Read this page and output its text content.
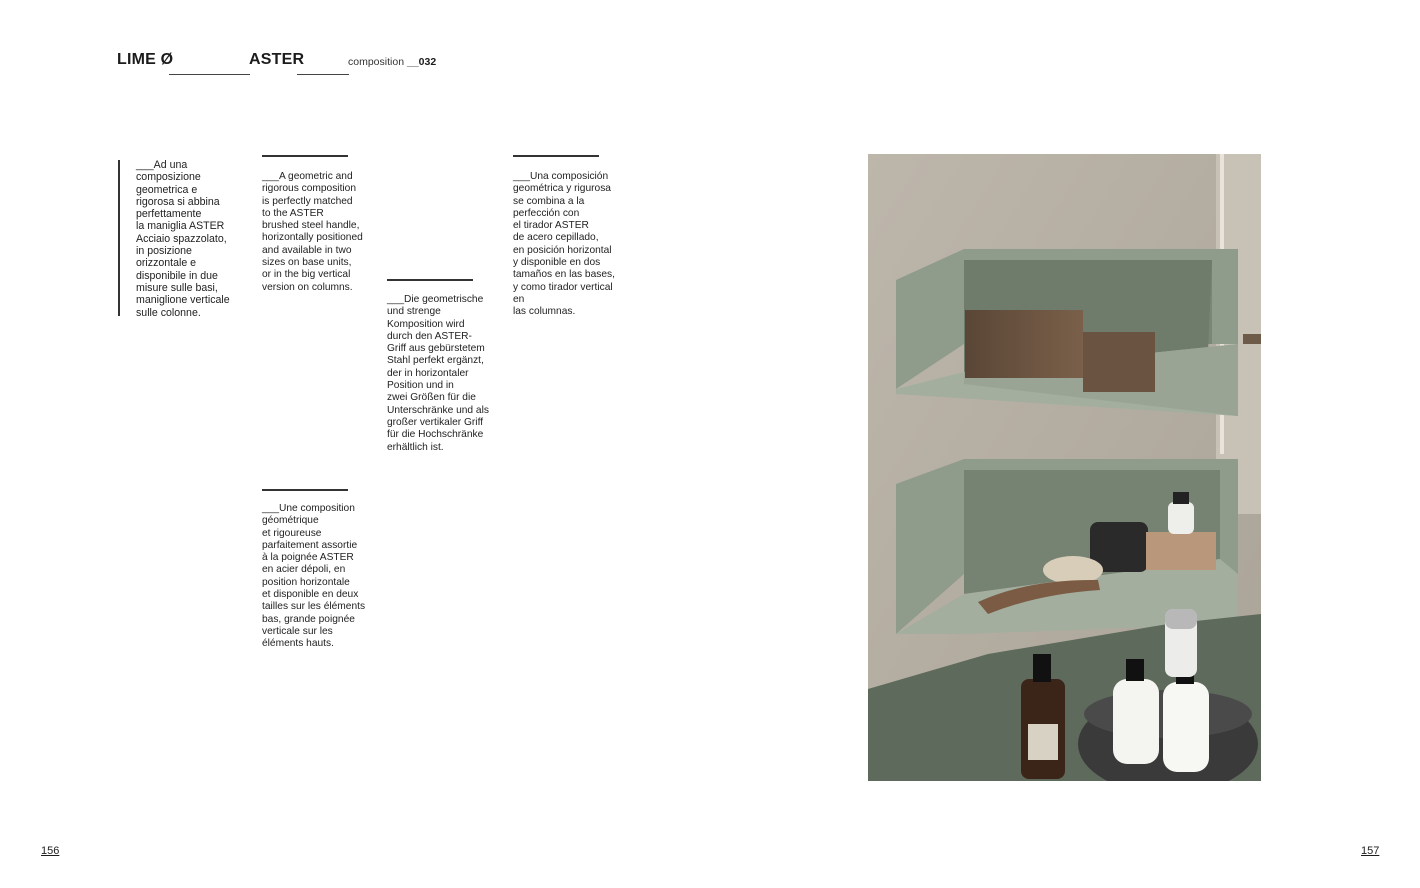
LIME Ø	ASTER	composition __032
___Ad una
composizione
geometrica e
rigorosa si abbina
perfettamente
la maniglia ASTER
Acciaio spazzolato,
in posizione
orizzontale e
disponibile in due
misure sulle basi,
maniglione verticale
sulle colonne.
___A geometric and
rigorous composition
is perfectly matched
to the ASTER
brushed steel handle,
horizontally positioned
and available in two
sizes on base units,
or in the big vertical
version on columns.
___Une composition
géométrique
et rigoureuse
parfaitement assortie
à la poignée ASTER
en acier dépoli, en
position horizontale
et disponible en deux
tailles sur les éléments
bas, grande poignée
verticale sur les
éléments hauts.
___Die geometrische
und strenge
Komposition wird
durch den ASTER-
Griff aus gebürstetem
Stahl perfekt ergänzt,
der in horizontaler
Position und in
zwei Größen für die
Unterschränke und als
großer vertikaler Griff
für die Hochschränke
erhältlich ist.
___Una composición
geométrica y rigurosa
se combina a la
perfección con
el tirador ASTER
de acero cepillado,
en posición horizontal
y disponible en dos
tamaños en las bases,
y como tirador vertical
en
las columnas.
156	157
